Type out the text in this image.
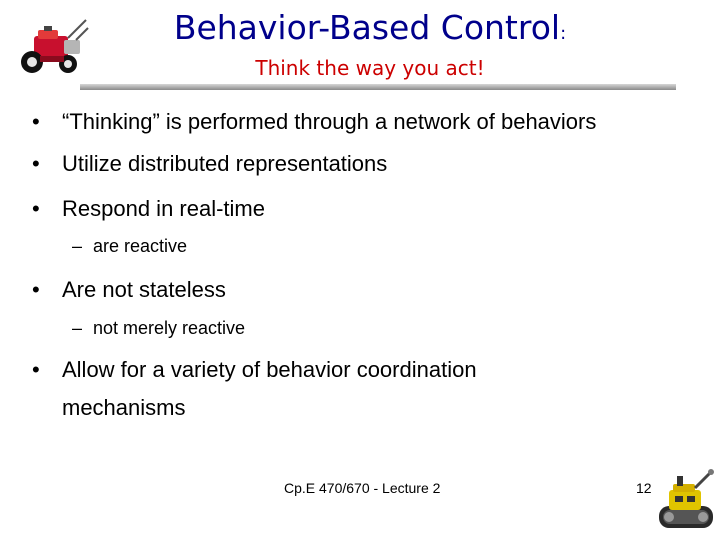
Behavior-Based Control:
Think the way you act!
•	“Thinking” is performed through a network of behaviors
•	Utilize distributed representations
•	Respond in real-time
– are reactive
•	Are not stateless
– not merely reactive
•	Allow for a variety of behavior coordination mechanisms
Cp.E 470/670 - Lecture 2	12
